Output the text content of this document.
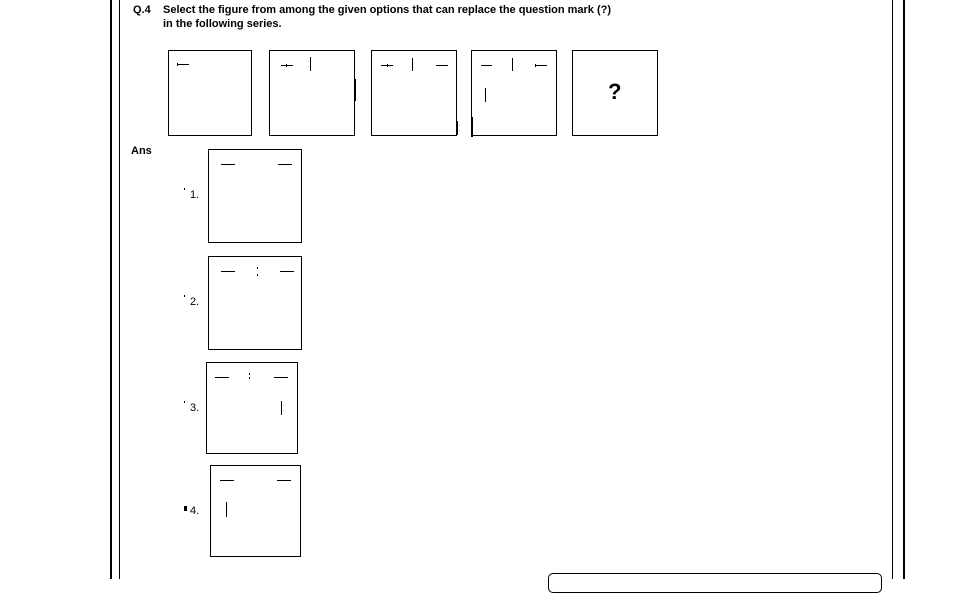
Q.4 Select the figure from among the given options that can replace the question mark (?)
in the following series.
?
Ans
1.
2.
3.
4.
